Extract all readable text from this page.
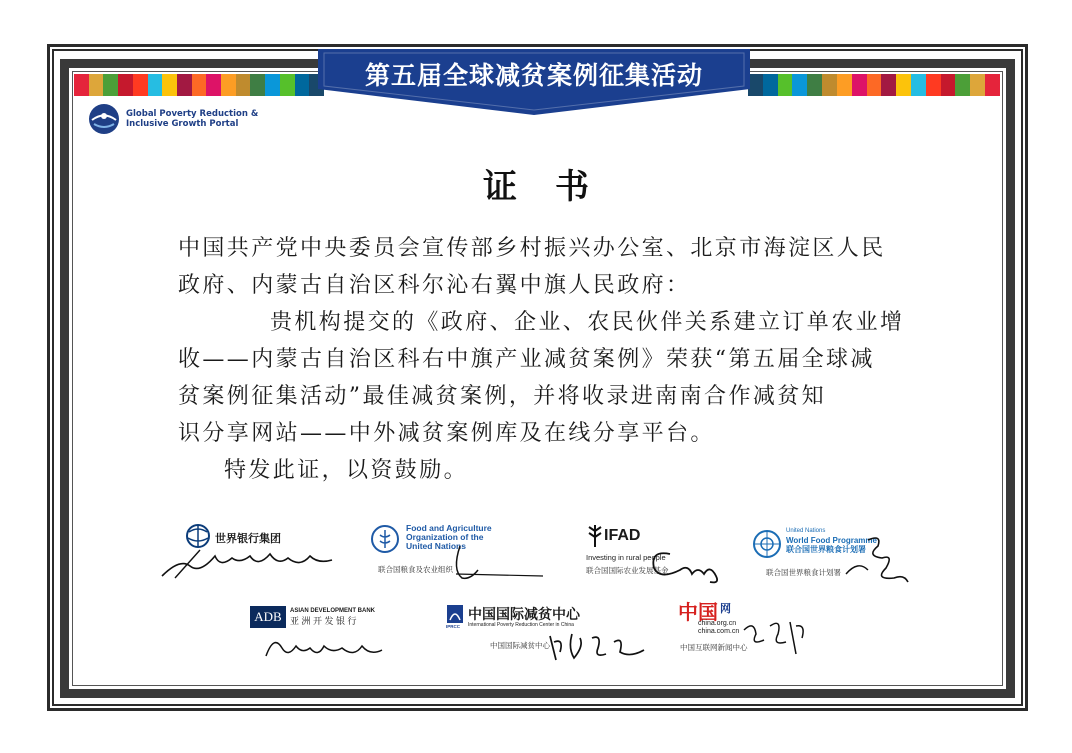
第五届全球减贫案例征集活动
Global Poverty Reduction &
Inclusive Growth Portal
证书
中国共产党中央委员会宣传部乡村振兴办公室、北京市海淀区人民
政府、内蒙古自治区科尔沁右翼中旗人民政府：
贵机构提交的《政府、企业、农民伙伴关系建立订单农业增
收——内蒙古自治区科右中旗产业减贫案例》荣获“第五届全球减
贫案例征集活动”最佳减贫案例，并将收录进南南合作减贫知
识分享网站——中外减贫案例库及在线分享平台。
特发此证，以资鼓励。
世界银行集团
Food and Agriculture
Organization of the
United Nations
联合国粮食及农业组织
IFAD
Investing in rural people
联合国国际农业发展基金
United Nations
World Food Programme
联合国世界粮食计划署
联合国世界粮食计划署
ADB	ASIAN DEVELOPMENT BANK
亚 洲 开 发 银 行
IPRCC
中国国际减贫中心
International Poverty Reduction Center in China
中国国际减贫中心
中国 网
china.org.cn
china.com.cn
中国互联网新闻中心
